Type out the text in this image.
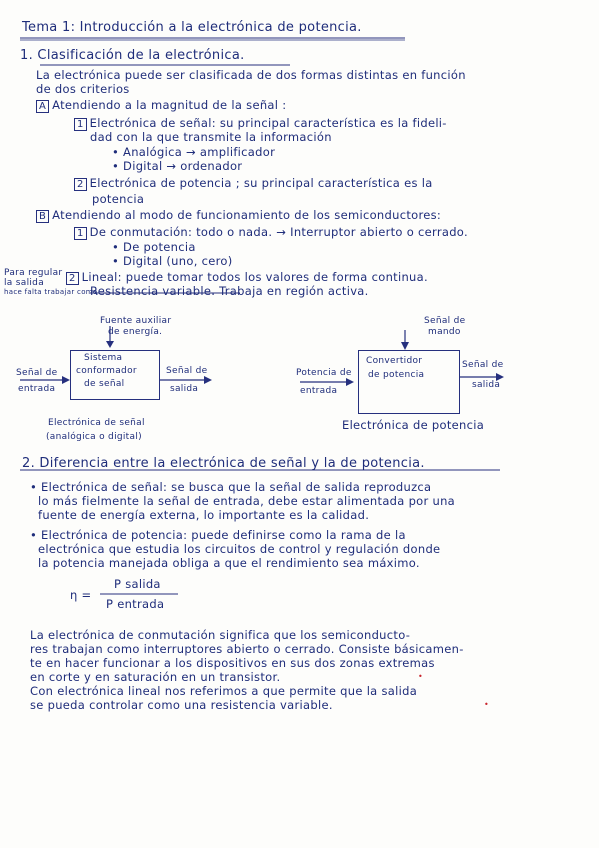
Tema 1: Introducción a la electrónica de potencia.
1. Clasificación de la electrónica.
La electrónica puede ser clasificada de dos formas distintas en función
de dos criterios
A Atendiendo a la magnitud de la señal :
1 Electrónica de señal: su principal característica es la fideli-
dad con la que transmite la información
• Analógica → amplificador
• Digital → ordenador
2 Electrónica de potencia ; su principal característica es la
potencia
B Atendiendo al modo de funcionamiento de los semiconductores:
1 De conmutación: todo o nada. → Interruptor abierto o cerrado.
• De potencia
• Digital (uno, cero)
Para regular
la salida
hace falta trabajar como
2 Lineal: puede tomar todos los valores de forma continua.
Resistencia variable. Trabaja en región activa.
Fuente auxiliar
de energía.
Sistema
conformador
de señal
Señal de
entrada
Señal de
salida
Electrónica de señal
(analógica o digital)
Señal de
mando
Convertidor
de potencia
Potencia de
entrada
Señal de
salida
Electrónica de potencia
2. Diferencia entre la electrónica de señal y la de potencia.
• Electrónica de señal: se busca que la señal de salida reproduzca
lo más fielmente la señal de entrada, debe estar alimentada por una
fuente de energía externa, lo importante es la calidad.
• Electrónica de potencia: puede definirse como la rama de la
electrónica que estudia los circuitos de control y regulación donde
la potencia manejada obliga a que el rendimiento sea máximo.
η =
P salida
P entrada
La electrónica de conmutación significa que los semiconducto-
res trabajan como interruptores abierto o cerrado. Consiste básicamen-
te en hacer funcionar a los dispositivos en sus dos zonas extremas
en corte y en saturación en un transistor.
Con electrónica lineal nos referimos a que permite que la salida
se pueda controlar como una resistencia variable.
•
•
